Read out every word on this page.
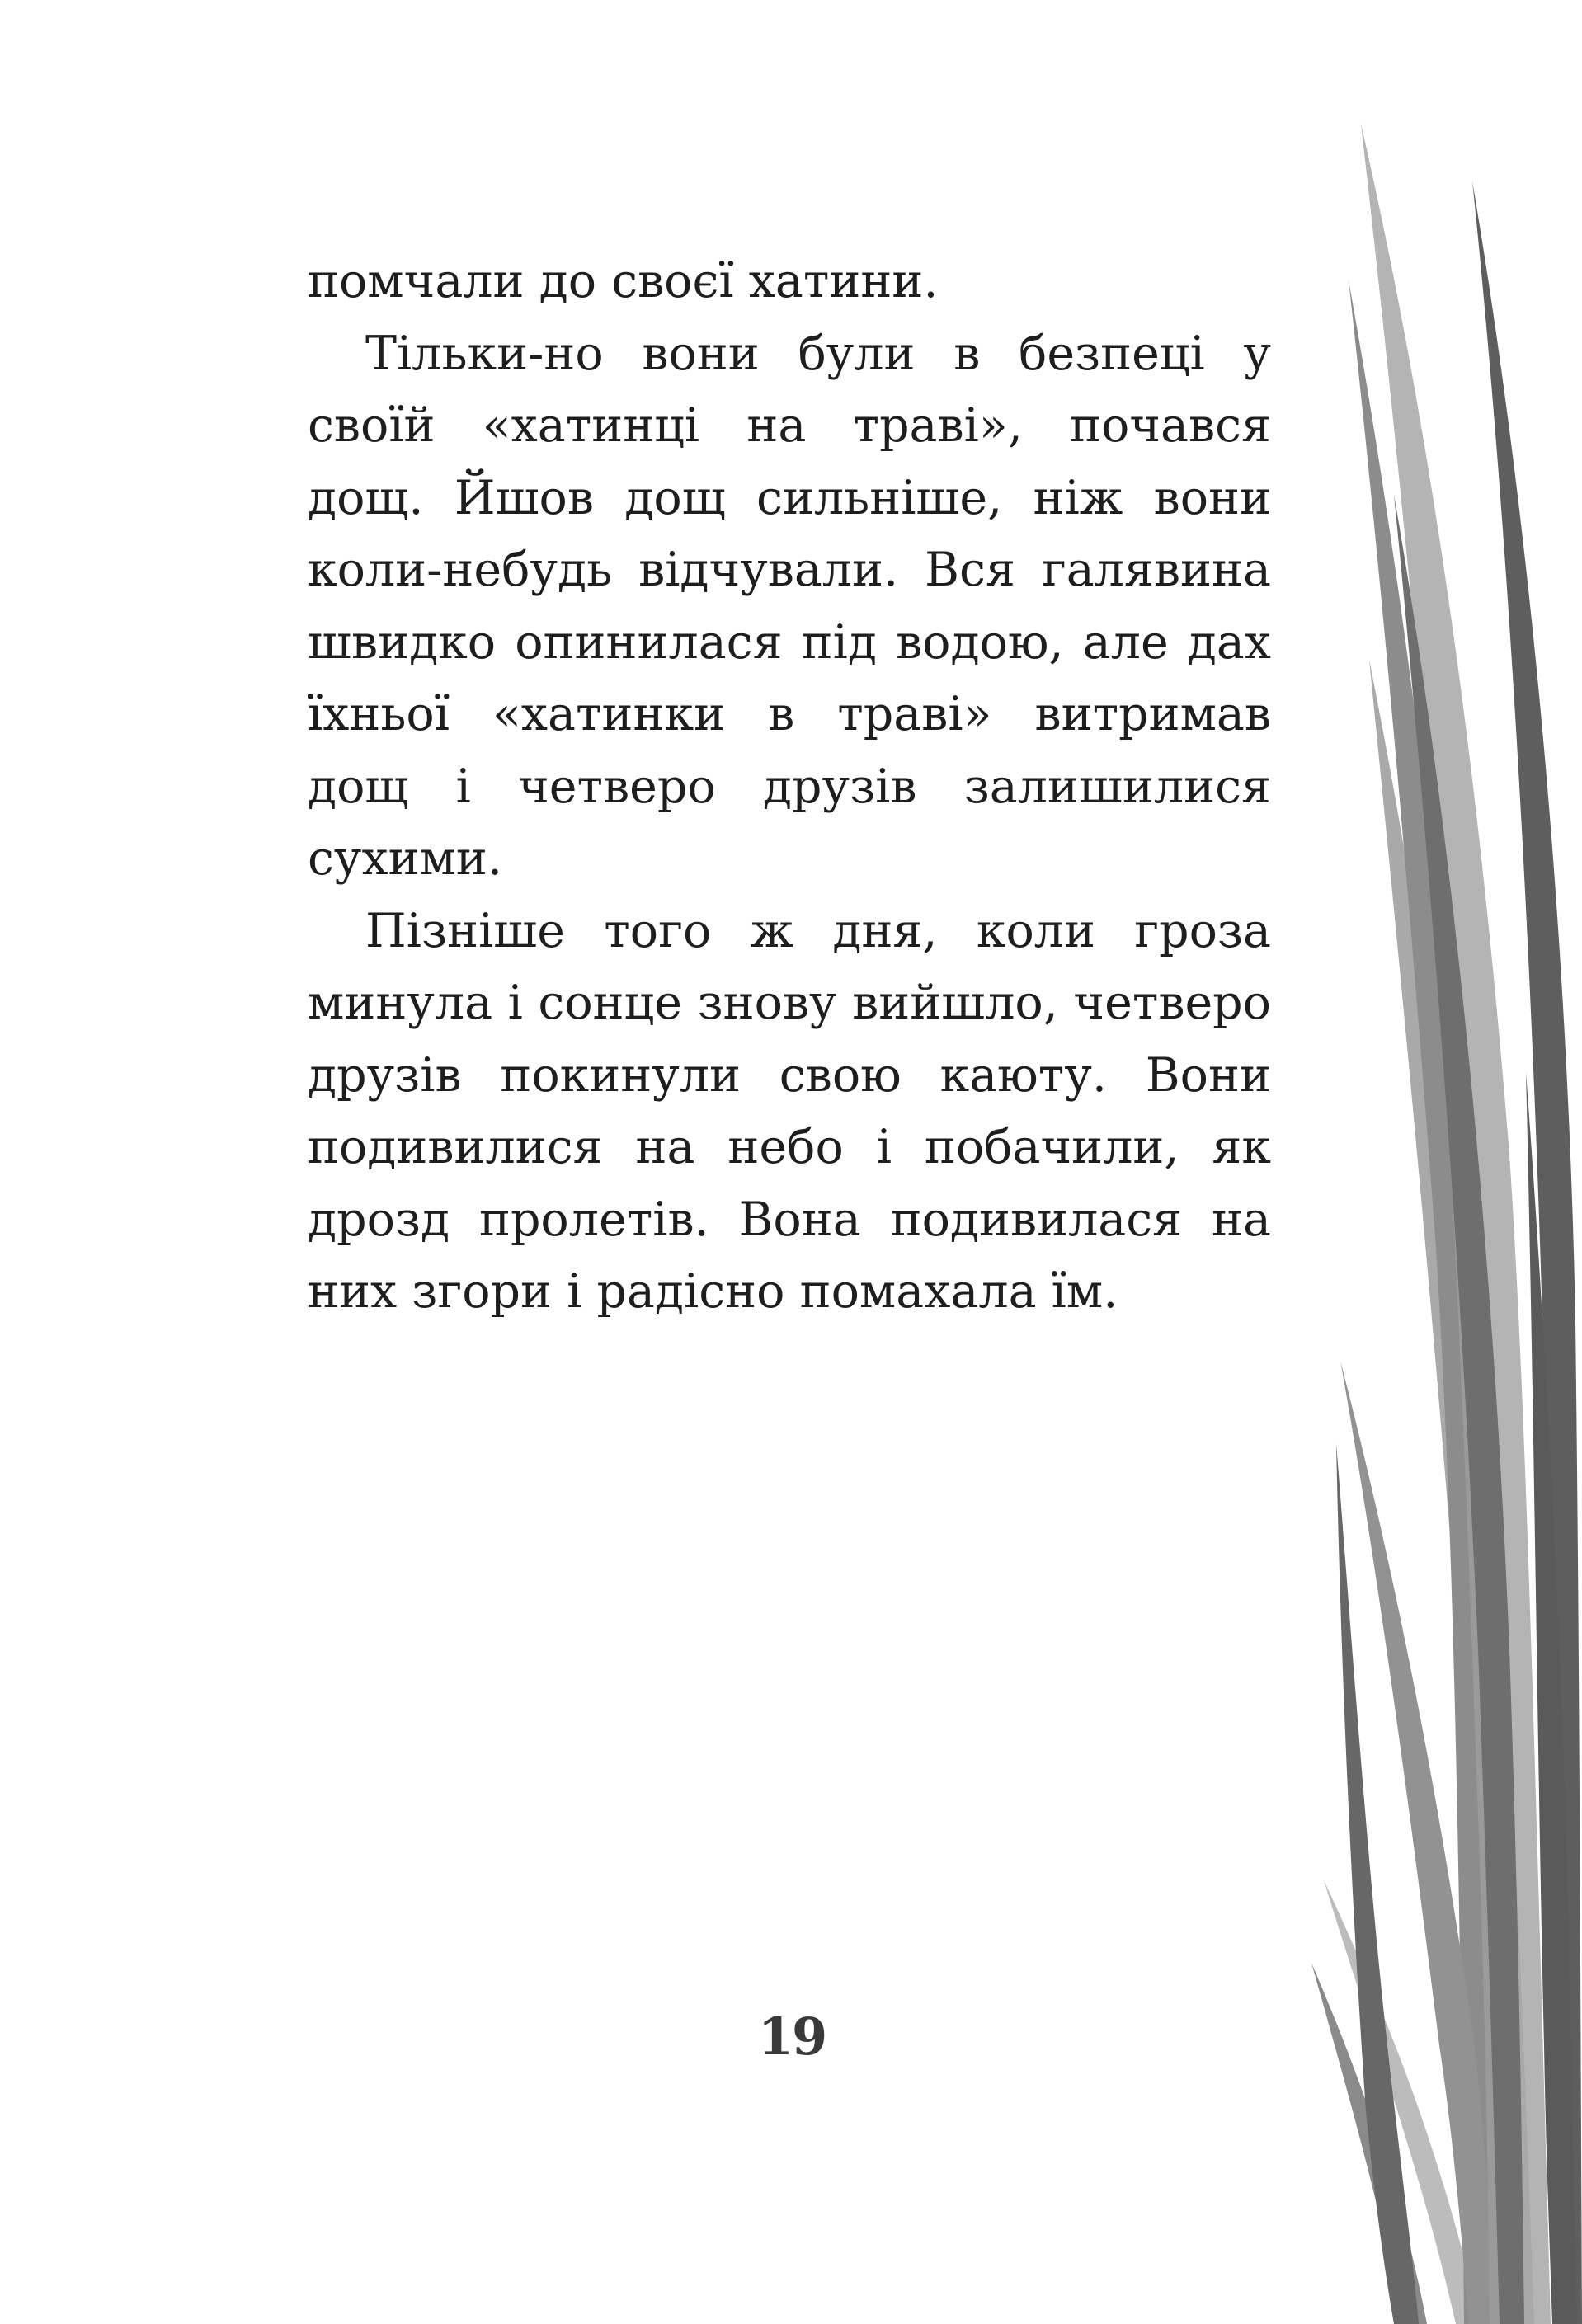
помчали до своєї хатини.

Тільки-но вони були в безпеці у своїй «хатинці на траві», почався дощ. Йшов дощ сильніше, ніж вони коли-небудь відчували. Вся галявина швидко опинилася під водою, але дах їхньої «хатинки в траві» витримав дощ і четверо друзів залишилися сухими.

Пізніше того ж дня, коли гроза минула і сонце знову вийшло, четверо друзів покинули свою каюту. Вони подивилися на небо і побачили, як дрозд пролетів. Вона подивилася на них згори і радісно помахала їм.

19
